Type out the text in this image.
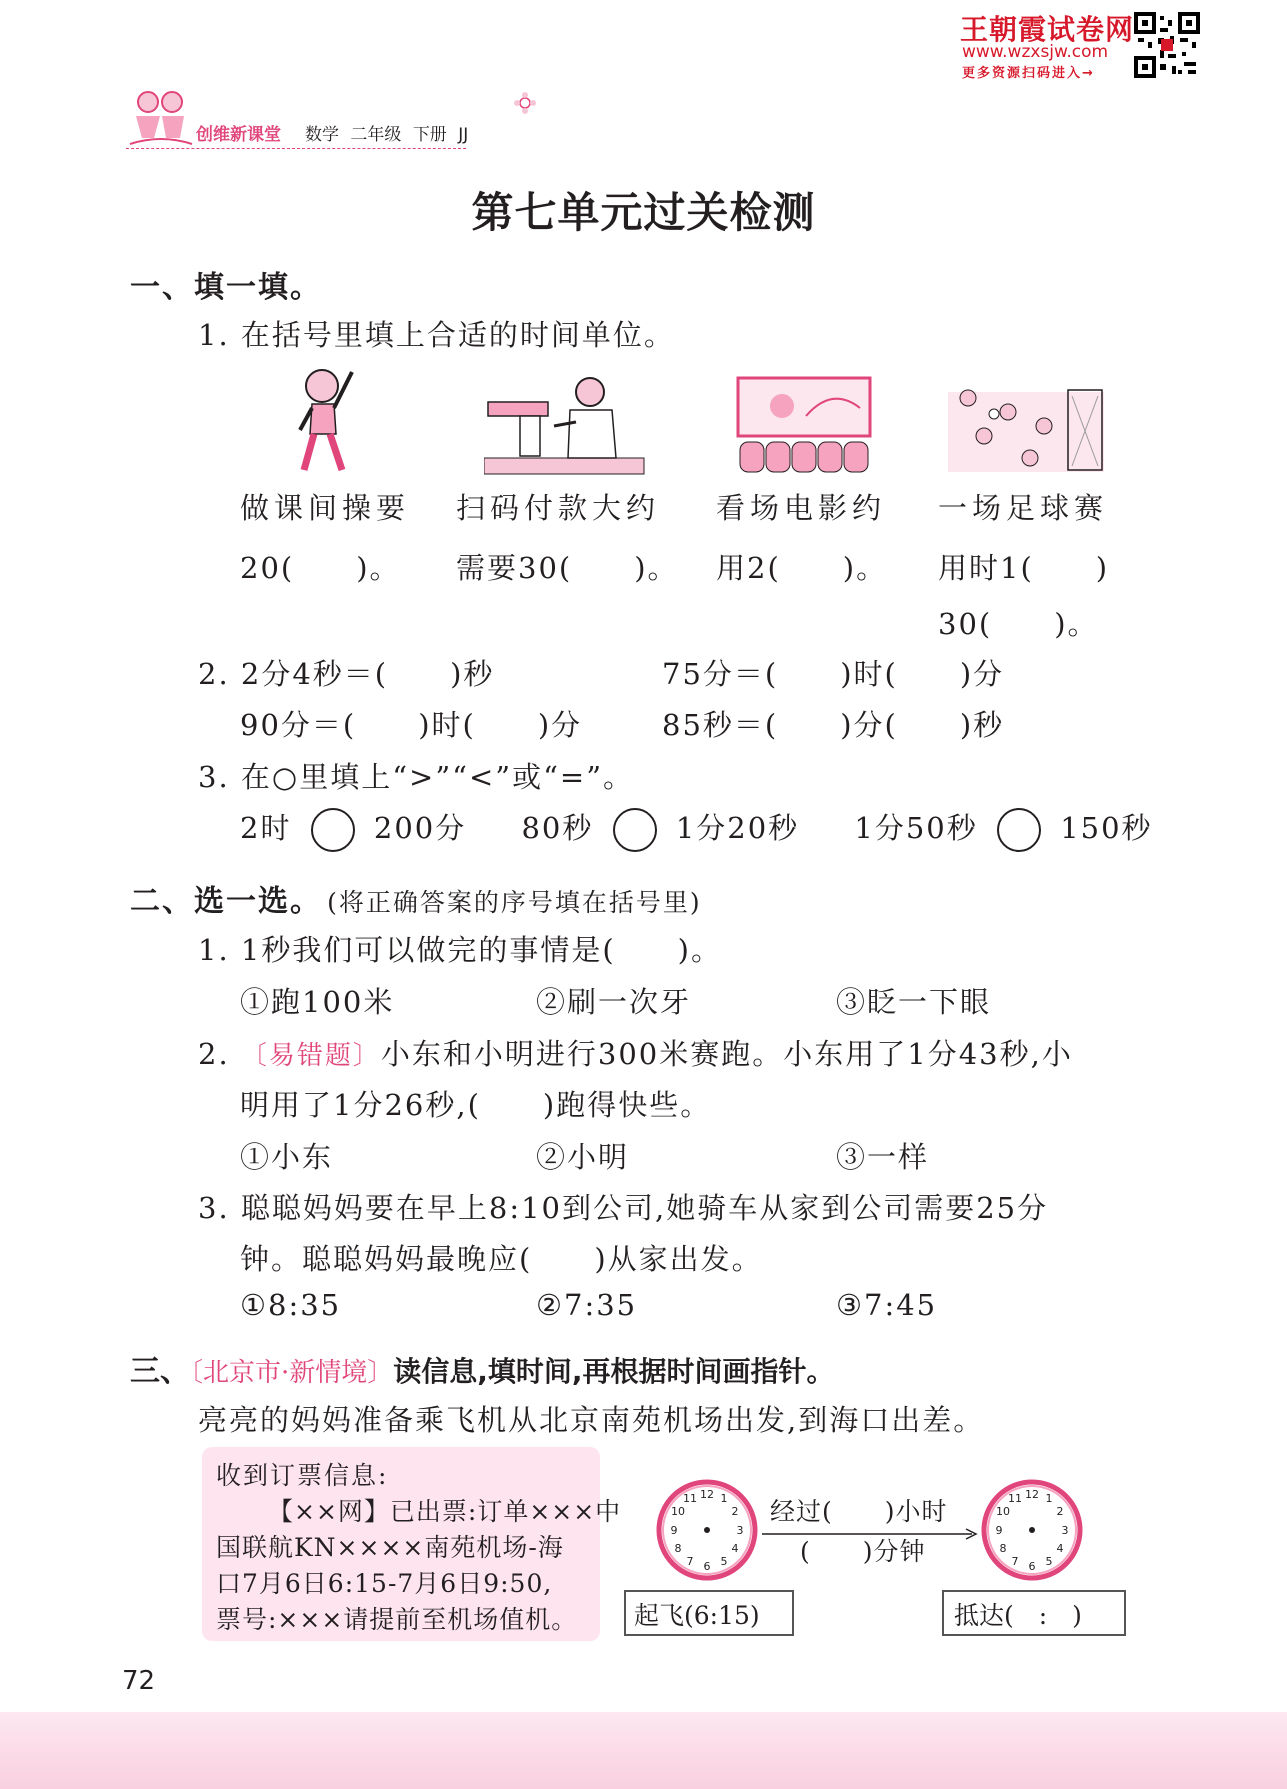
王朝霞试卷网
www.wzxsjw.com
更多资源扫码进入→
创维新课堂 数学 二年级 下册 JJ
第七单元过关检测
一、填一填。
1. 在括号里填上合适的时间单位。
做课间操要
20(　　)。
扫码付款大约
需要30(　　)。
看场电影约
用2(　　)。
一场足球赛
用时1(　　)
30(　　)。
2. 2分4秒＝(　　)秒	75分＝(　　)时(　　)分
90分＝(　　)时(　　)分	85秒＝(　　)分(　　)秒
3. 在○里填上“>”“<”或“=”。
2时	200分 80秒	1分20秒 1分50秒	150秒
二、选一选。 (将正确答案的序号填在括号里)
1. 1秒我们可以做完的事情是(　　)。
①跑100米	②刷一次牙	③眨一下眼
2. 〔易错题〕小东和小明进行300米赛跑。小东用了1分43秒,小
明用了1分26秒,(　　)跑得快些。
①小东	②小明	③一样
3. 聪聪妈妈要在早上8:10到公司,她骑车从家到公司需要25分
钟。聪聪妈妈最晚应(　　)从家出发。
①8:35	②7:35	③7:45
三、〔北京市·新情境〕读信息,填时间,再根据时间画指针。
亮亮的妈妈准备乘飞机从北京南苑机场出发,到海口出差。
收到订票信息:
【××网】已出票:订单×××中
国联航KN××××南苑机场-海
口7月6日6:15-7月6日9:50,
票号:×××请提前至机场值机。
12 1
2
3
4
5
6
7
8
9
10
11	12 1
2
3
4
5
6
7
8
9
10
11
经过(　　)小时
(　　)分钟
起飞(6:15)	抵达(　:　)
72
